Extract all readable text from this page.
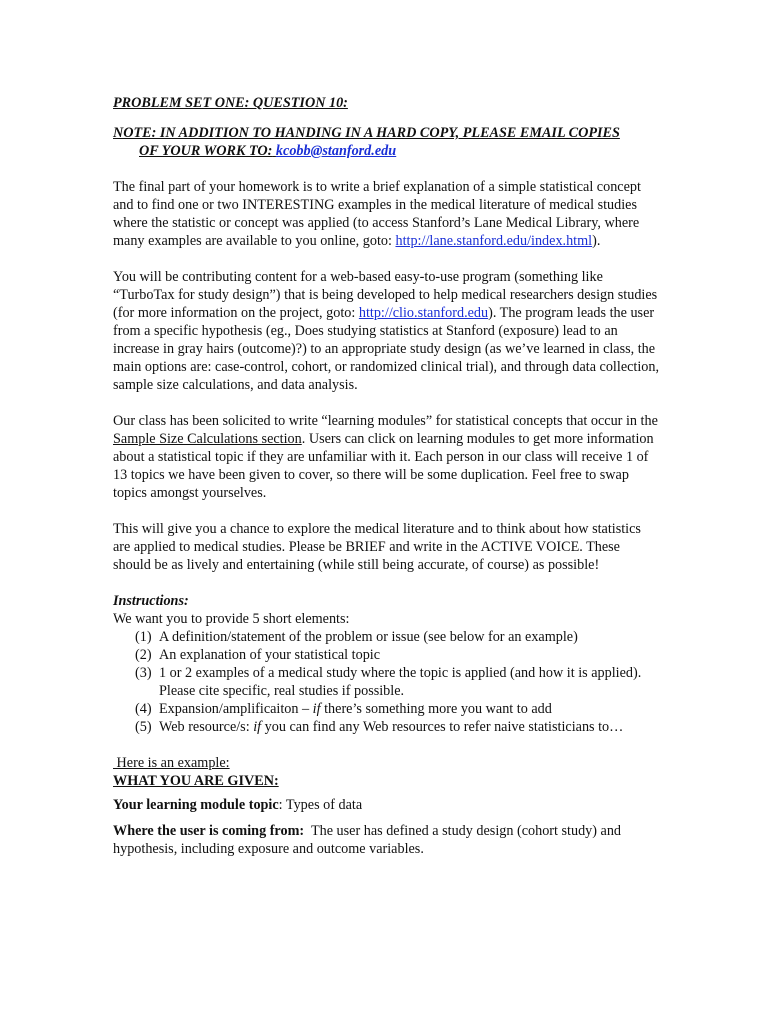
PROBLEM SET ONE: QUESTION 10:

NOTE: IN ADDITION TO HANDING IN A HARD COPY, PLEASE EMAIL COPIES
OF YOUR WORK TO: kcobb@stanford.edu

The final part of your homework is to write a brief explanation of a simple statistical concept and to find one or two INTERESTING examples in the medical literature of medical studies where the statistic or concept was applied (to access Stanford’s Lane Medical Library, where many examples are available to you online, goto: http://lane.stanford.edu/index.html).

You will be contributing content for a web-based easy-to-use program (something like “TurboTax for study design”) that is being developed to help medical researchers design studies (for more information on the project, goto: http://clio.stanford.edu). The program leads the user from a specific hypothesis (eg., Does studying statistics at Stanford (exposure) lead to an increase in gray hairs (outcome)?) to an appropriate study design (as we’ve learned in class, the main options are: case-control, cohort, or randomized clinical trial), and through data collection, sample size calculations, and data analysis.

Our class has been solicited to write “learning modules” for statistical concepts that occur in the Sample Size Calculations section. Users can click on learning modules to get more information about a statistical topic if they are unfamiliar with it. Each person in our class will receive 1 of 13 topics we have been given to cover, so there will be some duplication. Feel free to swap topics amongst yourselves.

This will give you a chance to explore the medical literature and to think about how statistics are applied to medical studies. Please be BRIEF and write in the ACTIVE VOICE. These should be as lively and entertaining (while still being accurate, of course) as possible!

Instructions:

We want you to provide 5 short elements:

(1) A definition/statement of the problem or issue (see below for an example)
(2) An explanation of your statistical topic
(3) 1 or 2 examples of a medical study where the topic is applied (and how it is applied). Please cite specific, real studies if possible.
(4) Expansion/amplificaiton – if there’s something more you want to add
(5) Web resource/s: if you can find any Web resources to refer naive statisticians to…

Here is an example:

WHAT YOU ARE GIVEN:

Your learning module topic: Types of data

Where the user is coming from:  The user has defined a study design (cohort study) and hypothesis, including exposure and outcome variables.
